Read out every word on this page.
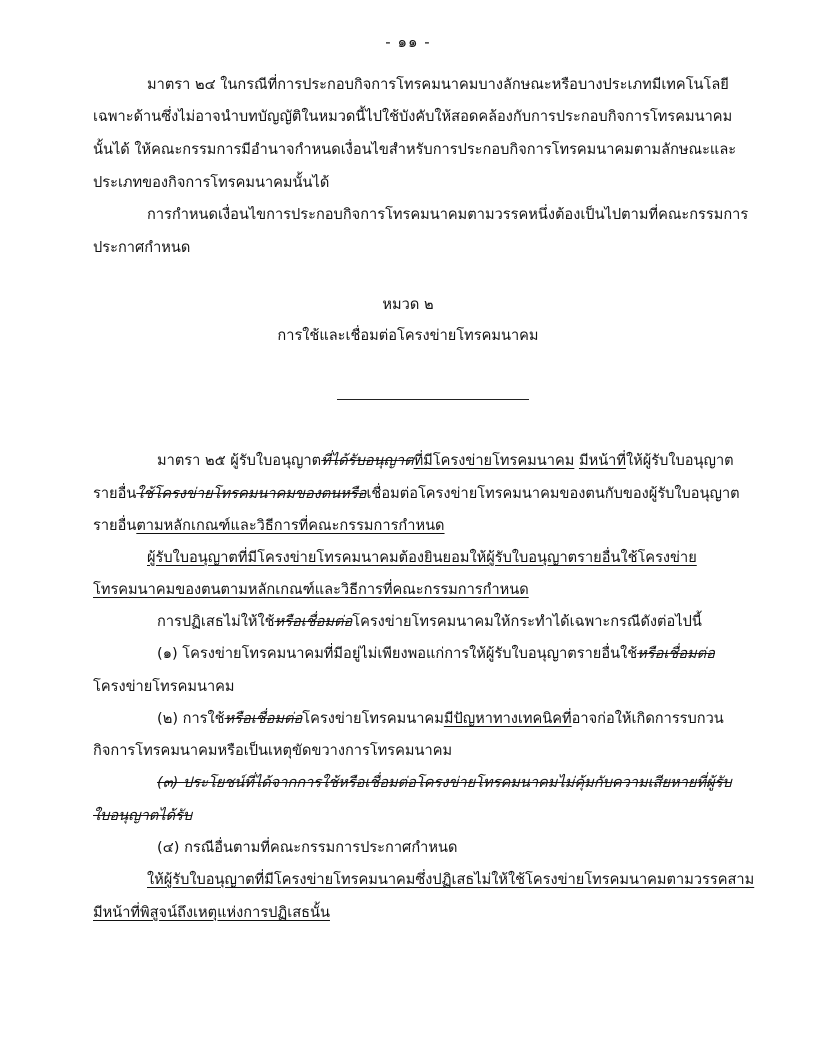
- ๑๑ -
มาตรา ๒๔ ในกรณีที่การประกอบกิจการโทรคมนาคมบางลักษณะหรือบางประเภทมีเทคโนโลยี
เฉพาะด้านซึ่งไม่อาจนำบทบัญญัติในหมวดนี้ไปใช้บังคับให้สอดคล้องกับการประกอบกิจการโทรคมนาคม
นั้นได้ ให้คณะกรรมการมีอำนาจกำหนดเงื่อนไขสำหรับการประกอบกิจการโทรคมนาคมตามลักษณะและ
ประเภทของกิจการโทรคมนาคมนั้นได้
การกำหนดเงื่อนไขการประกอบกิจการโทรคมนาคมตามวรรคหนึ่งต้องเป็นไปตามที่คณะกรรมการ
ประกาศกำหนด
หมวด ๒
การใช้และเชื่อมต่อโครงข่ายโทรคมนาคม
มาตรา ๒๕ ผู้รับใบอนุญาตที่ได้รับอนุญาตที่มีโครงข่ายโทรคมนาคม มีหน้าที่ให้ผู้รับใบอนุญาต
รายอื่นใช้โครงข่ายโทรคมนาคมของตนหรือเชื่อมต่อโครงข่ายโทรคมนาคมของตนกับของผู้รับใบอนุญาต
รายอื่นตามหลักเกณฑ์และวิธีการที่คณะกรรมการกำหนด
ผู้รับใบอนุญาตที่มีโครงข่ายโทรคมนาคมต้องยินยอมให้ผู้รับใบอนุญาตรายอื่นใช้โครงข่าย
โทรคมนาคมของตนตามหลักเกณฑ์และวิธีการที่คณะกรรมการกำหนด
การปฏิเสธไม่ให้ใช้หรือเชื่อมต่อโครงข่ายโทรคมนาคมให้กระทำได้เฉพาะกรณีดังต่อไปนี้
(๑) โครงข่ายโทรคมนาคมที่มีอยู่ไม่เพียงพอแก่การให้ผู้รับใบอนุญาตรายอื่นใช้หรือเชื่อมต่อ
โครงข่ายโทรคมนาคม
(๒) การใช้หรือเชื่อมต่อโครงข่ายโทรคมนาคมมีปัญหาทางเทคนิคที่อาจก่อให้เกิดการรบกวน
กิจการโทรคมนาคมหรือเป็นเหตุขัดขวางการโทรคมนาคม
(๓) ประโยชน์ที่ได้จากการใช้หรือเชื่อมต่อโครงข่ายโทรคมนาคมไม่คุ้มกับความเสียหายที่ผู้รับ
ใบอนุญาตได้รับ
(๔) กรณีอื่นตามที่คณะกรรมการประกาศกำหนด
ให้ผู้รับใบอนุญาตที่มีโครงข่ายโทรคมนาคมซึ่งปฏิเสธไม่ให้ใช้โครงข่ายโทรคมนาคมตามวรรคสาม
มีหน้าที่พิสูจน์ถึงเหตุแห่งการปฏิเสธนั้น
